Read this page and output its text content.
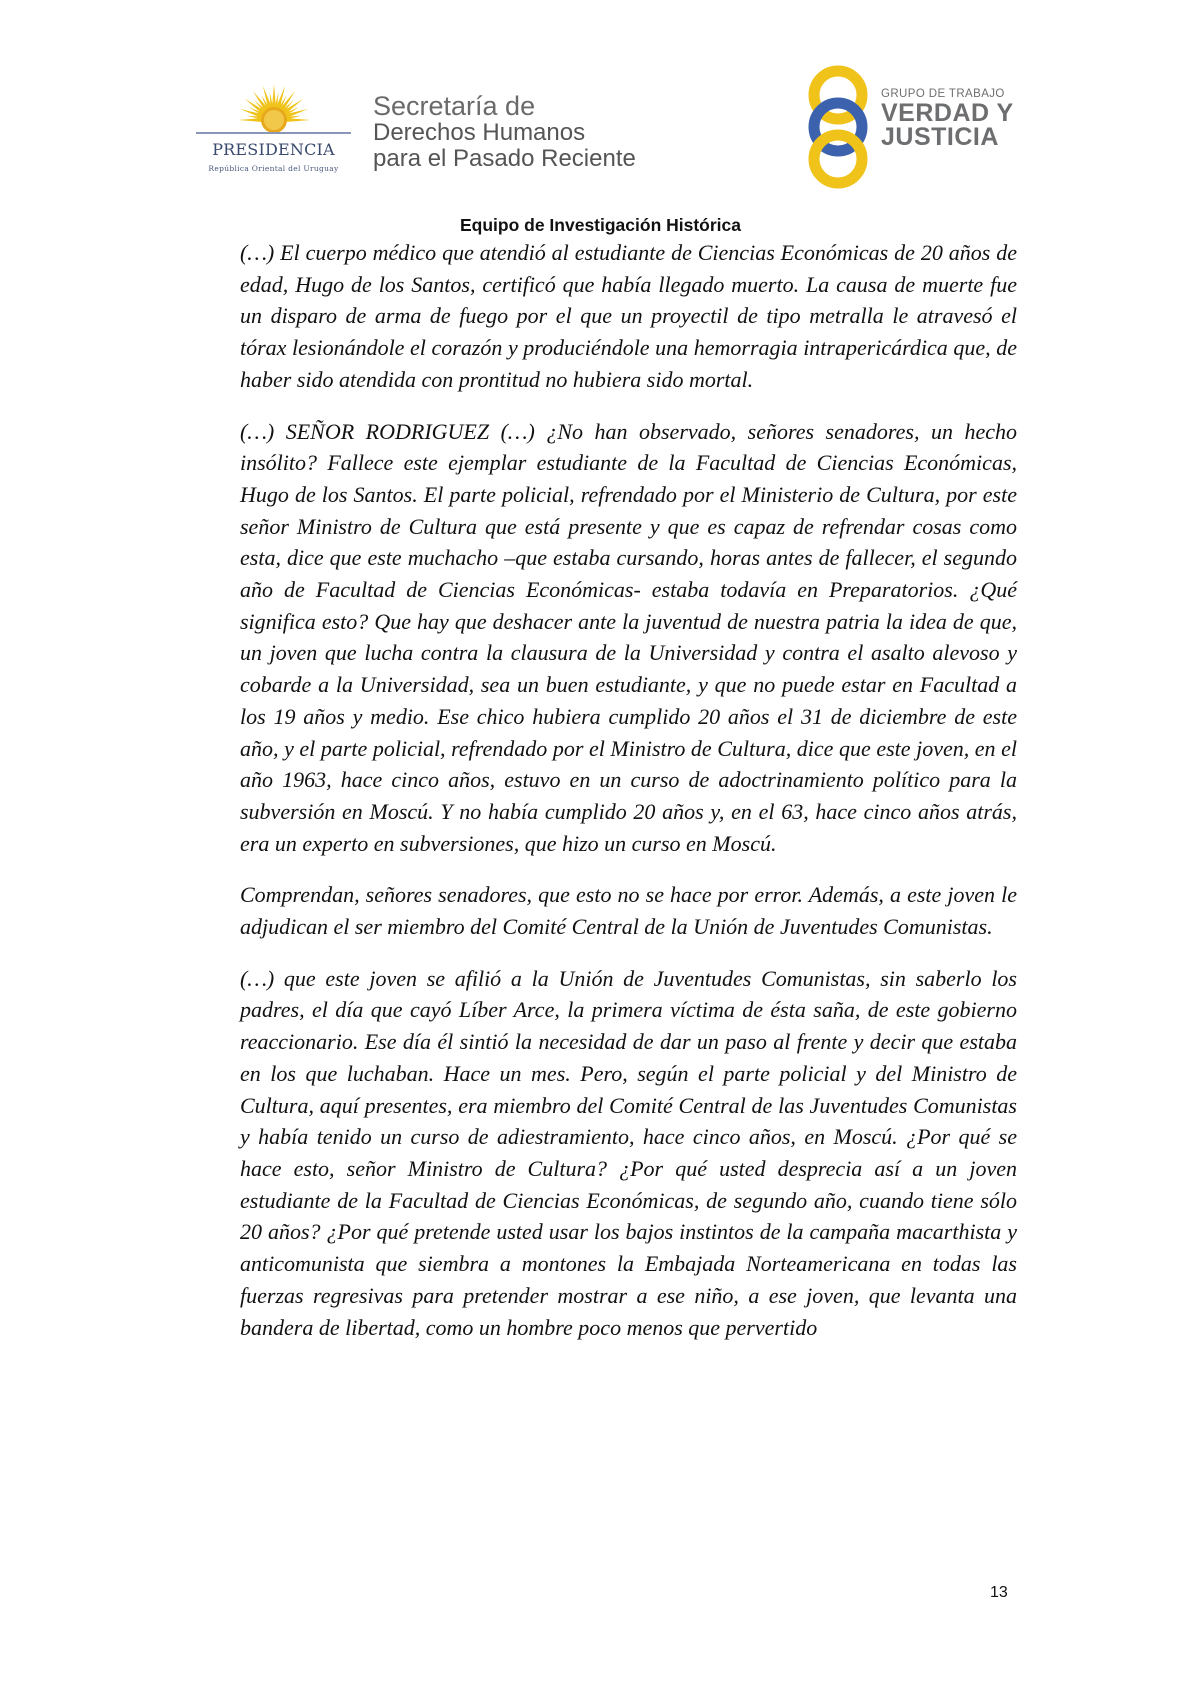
PRESIDENCIA
República Oriental del Uruguay
Secretaría de
Derechos Humanos
para el Pasado Reciente
GRUPO DE TRABAJO
VERDAD Y
JUSTICIA
Equipo de Investigación Histórica

(…) El cuerpo médico que atendió al estudiante de Ciencias Económicas de 20 años de edad, Hugo de los Santos, certificó que había llegado muerto. La causa de muerte fue un disparo de arma de fuego por el que un proyectil de tipo metralla le atravesó el tórax lesionándole el corazón y produciéndole una hemorragia intrapericárdica que, de haber sido atendida con prontitud no hubiera sido mortal.

(…) SEÑOR RODRIGUEZ (…) ¿No han observado, señores senadores, un hecho insólito? Fallece este ejemplar estudiante de la Facultad de Ciencias Económicas, Hugo de los Santos. El parte policial, refrendado por el Ministerio de Cultura, por este señor Ministro de Cultura que está presente y que es capaz de refrendar cosas como esta, dice que este muchacho –que estaba cursando, horas antes de fallecer, el segundo año de Facultad de Ciencias Económicas- estaba todavía en Preparatorios. ¿Qué significa esto? Que hay que deshacer ante la juventud de nuestra patria la idea de que, un joven que lucha contra la clausura de la Universidad y contra el asalto alevoso y cobarde a la Universidad, sea un buen estudiante, y que no puede estar en Facultad a los 19 años y medio. Ese chico hubiera cumplido 20 años el 31 de diciembre de este año, y el parte policial, refrendado por el Ministro de Cultura, dice que este joven, en el año 1963, hace cinco años, estuvo en un curso de adoctrinamiento político para la subversión en Moscú. Y no había cumplido 20 años y, en el 63, hace cinco años atrás, era un experto en subversiones, que hizo un curso en Moscú.

Comprendan, señores senadores, que esto no se hace por error. Además, a este joven le adjudican el ser miembro del Comité Central de la Unión de Juventudes Comunistas.

(…) que este joven se afilió a la Unión de Juventudes Comunistas, sin saberlo los padres, el día que cayó Líber Arce, la primera víctima de ésta saña, de este gobierno reaccionario. Ese día él sintió la necesidad de dar un paso al frente y decir que estaba en los que luchaban. Hace un mes. Pero, según el parte policial y del Ministro de Cultura, aquí presentes, era miembro del Comité Central de las Juventudes Comunistas y había tenido un curso de adiestramiento, hace cinco años, en Moscú. ¿Por qué se hace esto, señor Ministro de Cultura? ¿Por qué usted desprecia así a un joven estudiante de la Facultad de Ciencias Económicas, de segundo año, cuando tiene sólo 20 años? ¿Por qué pretende usted usar los bajos instintos de la campaña macarthista y anticomunista que siembra a montones la Embajada Norteamericana en todas las fuerzas regresivas para pretender mostrar a ese niño, a ese joven, que levanta una bandera de libertad, como un hombre poco menos que pervertido

13
